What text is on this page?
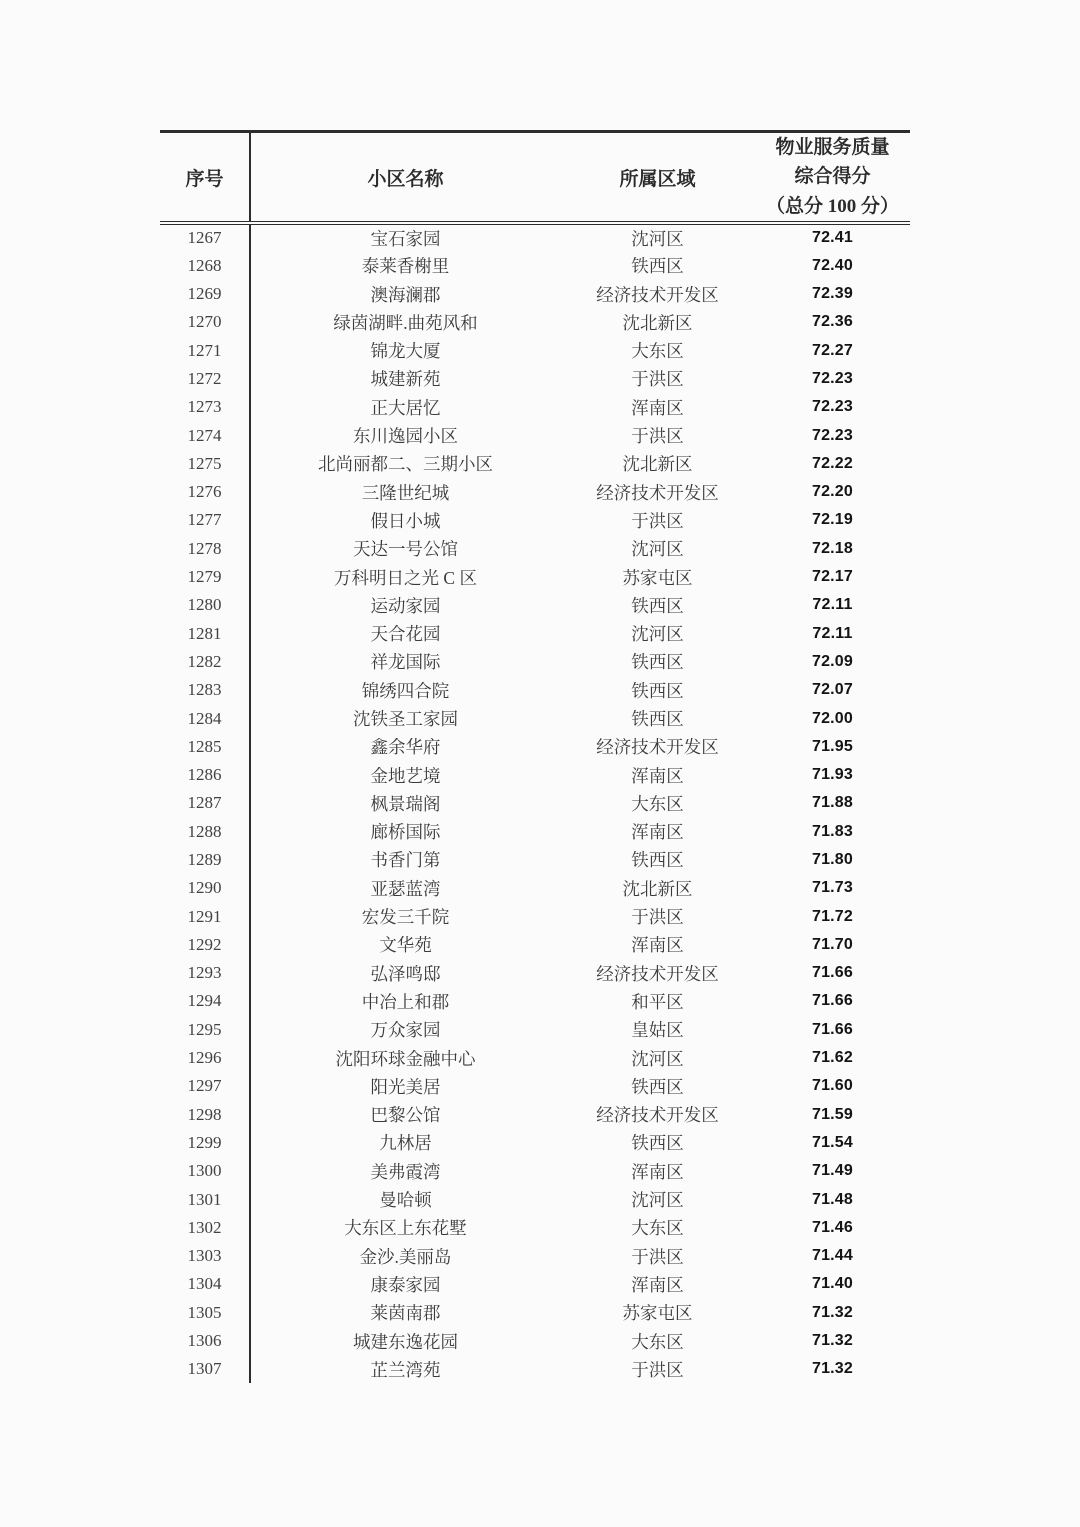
序号	小区名称	所属区域	物业服务质量
综合得分
（总分 100 分）

1267	宝石家园	沈河区	72.41
1268	泰莱香榭里	铁西区	72.40
1269	澳海澜郡	经济技术开发区	72.39
1270	绿茵湖畔.曲苑风和	沈北新区	72.36
1271	锦龙大厦	大东区	72.27
1272	城建新苑	于洪区	72.23
1273	正大居忆	浑南区	72.23
1274	东川逸园小区	于洪区	72.23
1275	北尚丽都二、三期小区	沈北新区	72.22
1276	三隆世纪城	经济技术开发区	72.20
1277	假日小城	于洪区	72.19
1278	天达一号公馆	沈河区	72.18
1279	万科明日之光 C 区	苏家屯区	72.17
1280	运动家园	铁西区	72.11
1281	天合花园	沈河区	72.11
1282	祥龙国际	铁西区	72.09
1283	锦绣四合院	铁西区	72.07
1284	沈铁圣工家园	铁西区	72.00
1285	鑫余华府	经济技术开发区	71.95
1286	金地艺境	浑南区	71.93
1287	枫景瑞阁	大东区	71.88
1288	廊桥国际	浑南区	71.83
1289	书香门第	铁西区	71.80
1290	亚瑟蓝湾	沈北新区	71.73
1291	宏发三千院	于洪区	71.72
1292	文华苑	浑南区	71.70
1293	弘泽鸣邸	经济技术开发区	71.66
1294	中冶上和郡	和平区	71.66
1295	万众家园	皇姑区	71.66
1296	沈阳环球金融中心	沈河区	71.62
1297	阳光美居	铁西区	71.60
1298	巴黎公馆	经济技术开发区	71.59
1299	九林居	铁西区	71.54
1300	美弗霞湾	浑南区	71.49
1301	曼哈顿	沈河区	71.48
1302	大东区上东花墅	大东区	71.46
1303	金沙.美丽岛	于洪区	71.44
1304	康泰家园	浑南区	71.40
1305	莱茵南郡	苏家屯区	71.32
1306	城建东逸花园	大东区	71.32
1307	芷兰湾苑	于洪区	71.32
